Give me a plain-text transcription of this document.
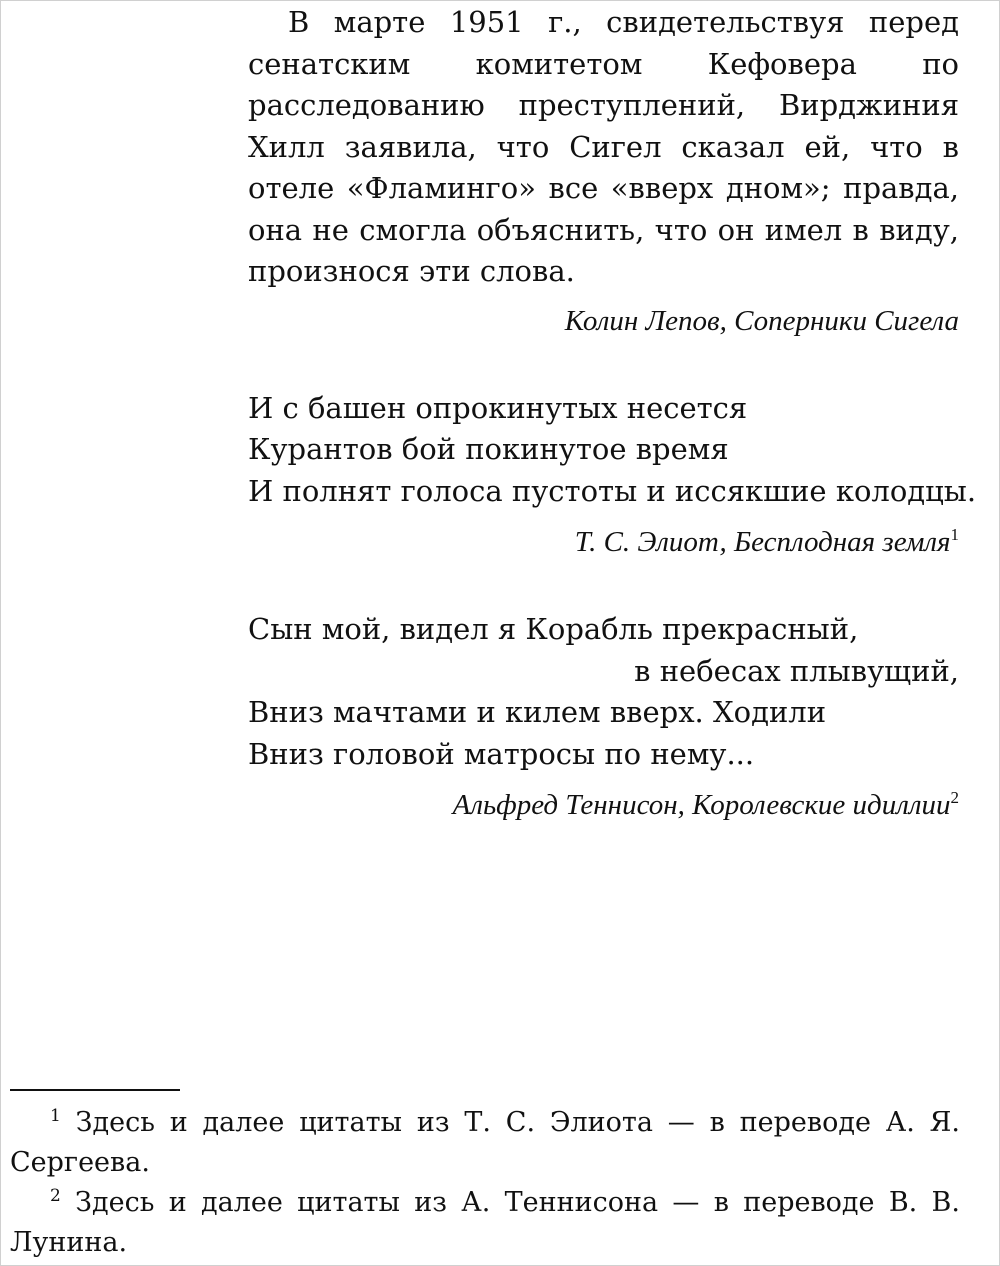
В марте 1951 г., свидетельствуя перед сенатским комитетом Кефовера по расследованию преступлений, Вирджиния Хилл заявила, что Сигел сказал ей, что в отеле «Фламинго» все «вверх дном»; правда, она не смогла объяснить, что он имел в виду, произнося эти слова.

Колин Лепов, Соперники Сигела

И с башен опрокинутых несется
Курантов бой покинутое время
И полнят голоса пустоты и иссякшие колодцы.

Т. С. Элиот, Бесплодная земля$^1$

Сын мой, видел я Корабль прекрасный,
в небесах плывущий,
Вниз мачтами и килем вверх. Ходили
Вниз головой матросы по нему...

Альфред Теннисон, Королевские идиллии$^2$

$^1$ Здесь и далее цитаты из Т. С. Элиота — в переводе А. Я. Сергеева.

$^2$ Здесь и далее цитаты из А. Теннисона — в переводе В. В. Лунина.
